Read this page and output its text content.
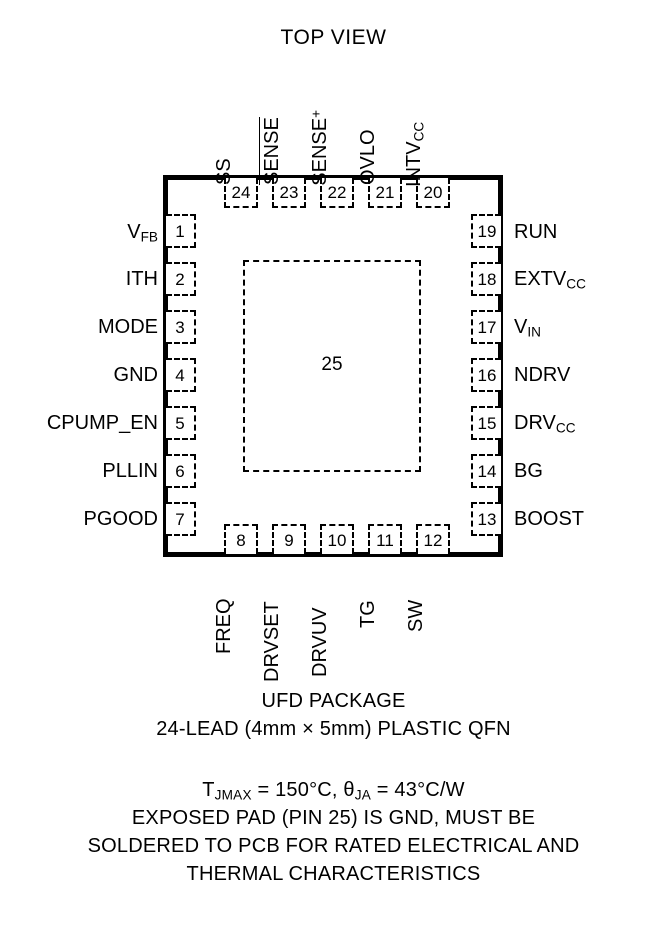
TOP VIEW
25
1
$V_{FB}$
2
ITH
3
MODE
4
GND
5
CPUMP_EN
6
PLLIN
7
PGOOD
19 RUN
18 $EXTV_{CC}$
17 $V_{IN}$
16 NDRV
15 $DRV_{CC}$
14 BG
13 BOOST
24
SS
23
SENSE
22
SENSE+
21
OVLO
20
$INTV_{CC}$
8
FREQ
9
DRVSET
10
DRVUV
11
TG
12
SW
UFD PACKAGE
24-LEAD (4mm × 5mm) PLASTIC QFN
$T_{JMAX} = 150^\circ C$, $\theta_{JA} = 43^\circ C/W$
EXPOSED PAD (PIN 25) IS GND, MUST BE
SOLDERED TO PCB FOR RATED ELECTRICAL AND
THERMAL CHARACTERISTICS
